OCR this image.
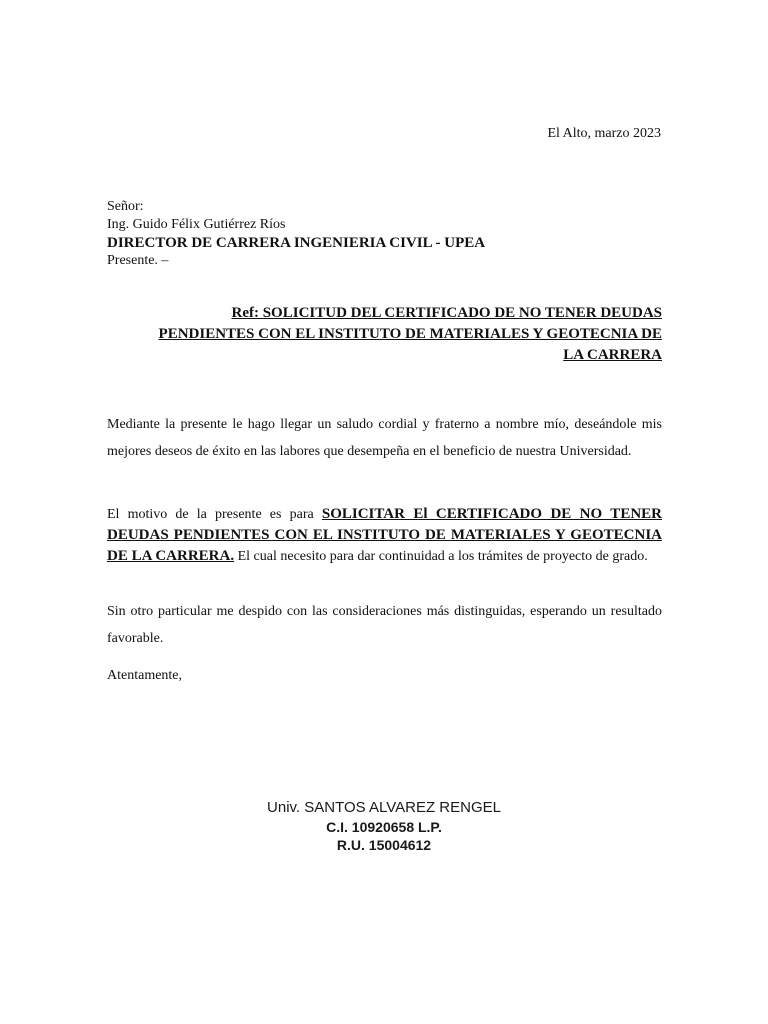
El Alto, marzo 2023
Señor:
Ing. Guido Félix Gutiérrez Ríos
DIRECTOR DE CARRERA INGENIERIA CIVIL - UPEA
Presente. –
Ref: SOLICITUD DEL CERTIFICADO DE NO TENER DEUDAS
PENDIENTES CON EL INSTITUTO DE MATERIALES Y GEOTECNIA DE
LA CARRERA
Mediante la presente le hago llegar un saludo cordial y fraterno a nombre mío, deseándole mis mejores deseos de éxito en las labores que desempeña en el beneficio de nuestra Universidad.
El motivo de la presente es para SOLICITAR El CERTIFICADO DE NO TENER DEUDAS PENDIENTES CON EL INSTITUTO DE MATERIALES Y GEOTECNIA DE LA CARRERA. El cual necesito para dar continuidad a los trámites de proyecto de grado.
Sin otro particular me despido con las consideraciones más distinguidas, esperando un resultado favorable.
Atentamente,
Univ. SANTOS ALVAREZ RENGEL
C.I. 10920658 L.P.
R.U. 15004612
